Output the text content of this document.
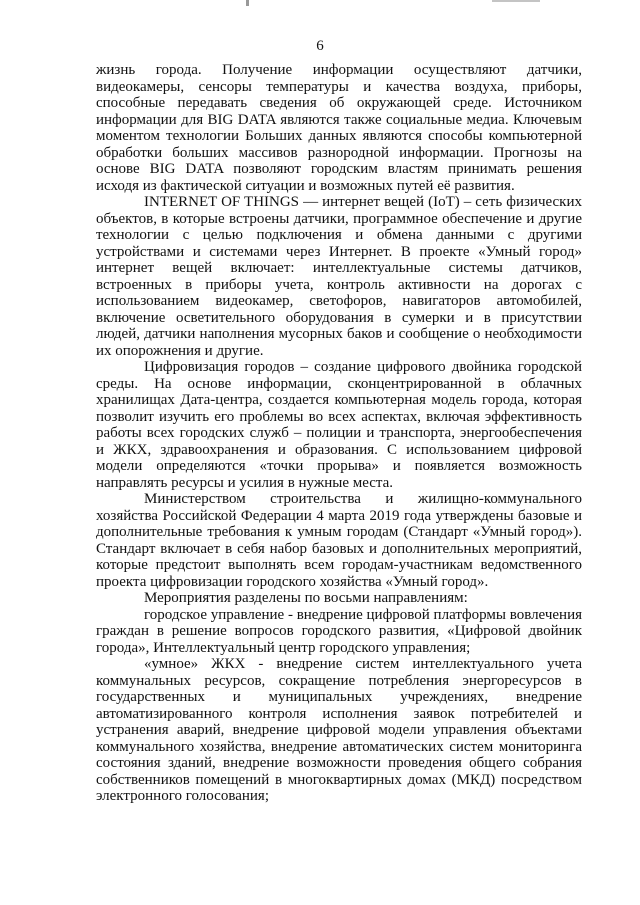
6

жизнь города. Получение информации осуществляют датчики, видеокамеры, сенсоры температуры и качества воздуха, приборы, способные передавать сведения об окружающей среде. Источником информации для BIG DATA являются также социальные медиа. Ключевым моментом технологии Больших данных являются способы компьютерной обработки больших массивов разнородной информации. Прогнозы на основе BIG DATA позволяют городским властям принимать решения исходя из фактической ситуации и возможных путей её развития.

INTERNET OF THINGS — интернет вещей (IoT) – сеть физических объектов, в которые встроены датчики, программное обеспечение и другие технологии с целью подключения и обмена данными с другими устройствами и системами через Интернет. В проекте «Умный город» интернет вещей включает: интеллектуальные системы датчиков, встроенных в приборы учета, контроль активности на дорогах с использованием видеокамер, светофоров, навигаторов автомобилей, включение осветительного оборудования в сумерки и в присутствии людей, датчики наполнения мусорных баков и сообщение о необходимости их опорожнения и другие.

Цифровизация городов – создание цифрового двойника городской среды. На основе информации, сконцентрированной в облачных хранилищах Дата-центра, создается компьютерная модель города, которая позволит изучить его проблемы во всех аспектах, включая эффективность работы всех городских служб – полиции и транспорта, энергообеспечения и ЖКХ, здравоохранения и образования. С использованием цифровой модели определяются «точки прорыва» и появляется возможность направлять ресурсы и усилия в нужные места.

Министерством строительства и жилищно-коммунального хозяйства Российской Федерации 4 марта 2019 года утверждены базовые и дополнительные требования к умным городам (Стандарт «Умный город»). Стандарт включает в себя набор базовых и дополнительных мероприятий, которые предстоит выполнять всем городам-участникам ведомственного проекта цифровизации городского хозяйства «Умный город».

Мероприятия разделены по восьми направлениям:

городское управление - внедрение цифровой платформы вовлечения граждан в решение вопросов городского развития, «Цифровой двойник города», Интеллектуальный центр городского управления;

«умное» ЖКХ - внедрение систем интеллектуального учета коммунальных ресурсов, сокращение потребления энергоресурсов в государственных и муниципальных учреждениях, внедрение автоматизированного контроля исполнения заявок потребителей и устранения аварий, внедрение цифровой модели управления объектами коммунального хозяйства, внедрение автоматических систем мониторинга состояния зданий, внедрение возможности проведения общего собрания собственников помещений в многоквартирных домах (МКД) посредством электронного голосования;
